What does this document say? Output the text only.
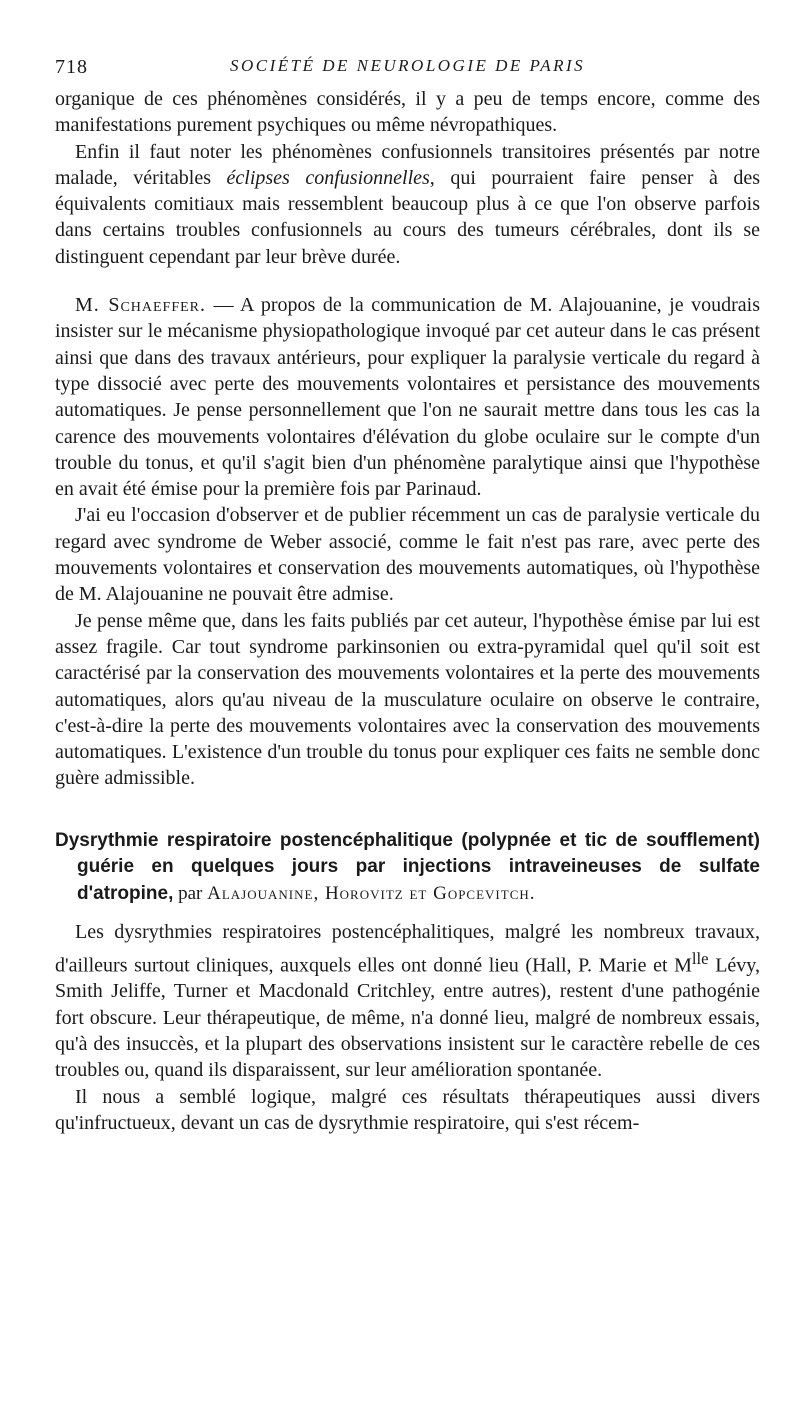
718	SOCIÉTÉ DE NEUROLOGIE DE PARIS

organique de ces phénomènes considérés, il y a peu de temps encore, comme des manifestations purement psychiques ou même névropathiques.

Enfin il faut noter les phénomènes confusionnels transitoires présentés par notre malade, véritables éclipses confusionnelles, qui pourraient faire penser à des équivalents comitiaux mais ressemblent beaucoup plus à ce que l'on observe parfois dans certains troubles confusionnels au cours des tumeurs cérébrales, dont ils se distinguent cependant par leur brève durée.

M. Schaeffer. — A propos de la communication de M. Alajouanine, je voudrais insister sur le mécanisme physiopathologique invoqué par cet auteur dans le cas présent ainsi que dans des travaux antérieurs, pour expliquer la paralysie verticale du regard à type dissocié avec perte des mouvements volontaires et persistance des mouvements automatiques. Je pense personnellement que l'on ne saurait mettre dans tous les cas la carence des mouvements volontaires d'élévation du globe oculaire sur le compte d'un trouble du tonus, et qu'il s'agit bien d'un phénomène paralytique ainsi que l'hypothèse en avait été émise pour la première fois par Parinaud.

J'ai eu l'occasion d'observer et de publier récemment un cas de paralysie verticale du regard avec syndrome de Weber associé, comme le fait n'est pas rare, avec perte des mouvements volontaires et conservation des mouvements automatiques, où l'hypothèse de M. Alajouanine ne pouvait être admise.

Je pense même que, dans les faits publiés par cet auteur, l'hypothèse émise par lui est assez fragile. Car tout syndrome parkinsonien ou extra-pyramidal quel qu'il soit est caractérisé par la conservation des mouvements volontaires et la perte des mouvements automatiques, alors qu'au niveau de la musculature oculaire on observe le contraire, c'est-à-dire la perte des mouvements volontaires avec la conservation des mouvements automatiques. L'existence d'un trouble du tonus pour expliquer ces faits ne semble donc guère admissible.

Dysrythmie respiratoire postencéphalitique (polypnée et tic de soufflement) guérie en quelques jours par injections intraveineuses de sulfate d'atropine, par Alajouanine, Horovitz et Gopcevitch.

Les dysrythmies respiratoires postencéphalitiques, malgré les nombreux travaux, d'ailleurs surtout cliniques, auxquels elles ont donné lieu (Hall, P. Marie et $M^{lle}$ Lévy, Smith Jeliffe, Turner et Macdonald Critchley, entre autres), restent d'une pathogénie fort obscure. Leur thérapeutique, de même, n'a donné lieu, malgré de nombreux essais, qu'à des insuccès, et la plupart des observations insistent sur le caractère rebelle de ces troubles ou, quand ils disparaissent, sur leur amélioration spontanée.

Il nous a semblé logique, malgré ces résultats thérapeutiques aussi divers qu'infructueux, devant un cas de dysrythmie respiratoire, qui s'est récem-
